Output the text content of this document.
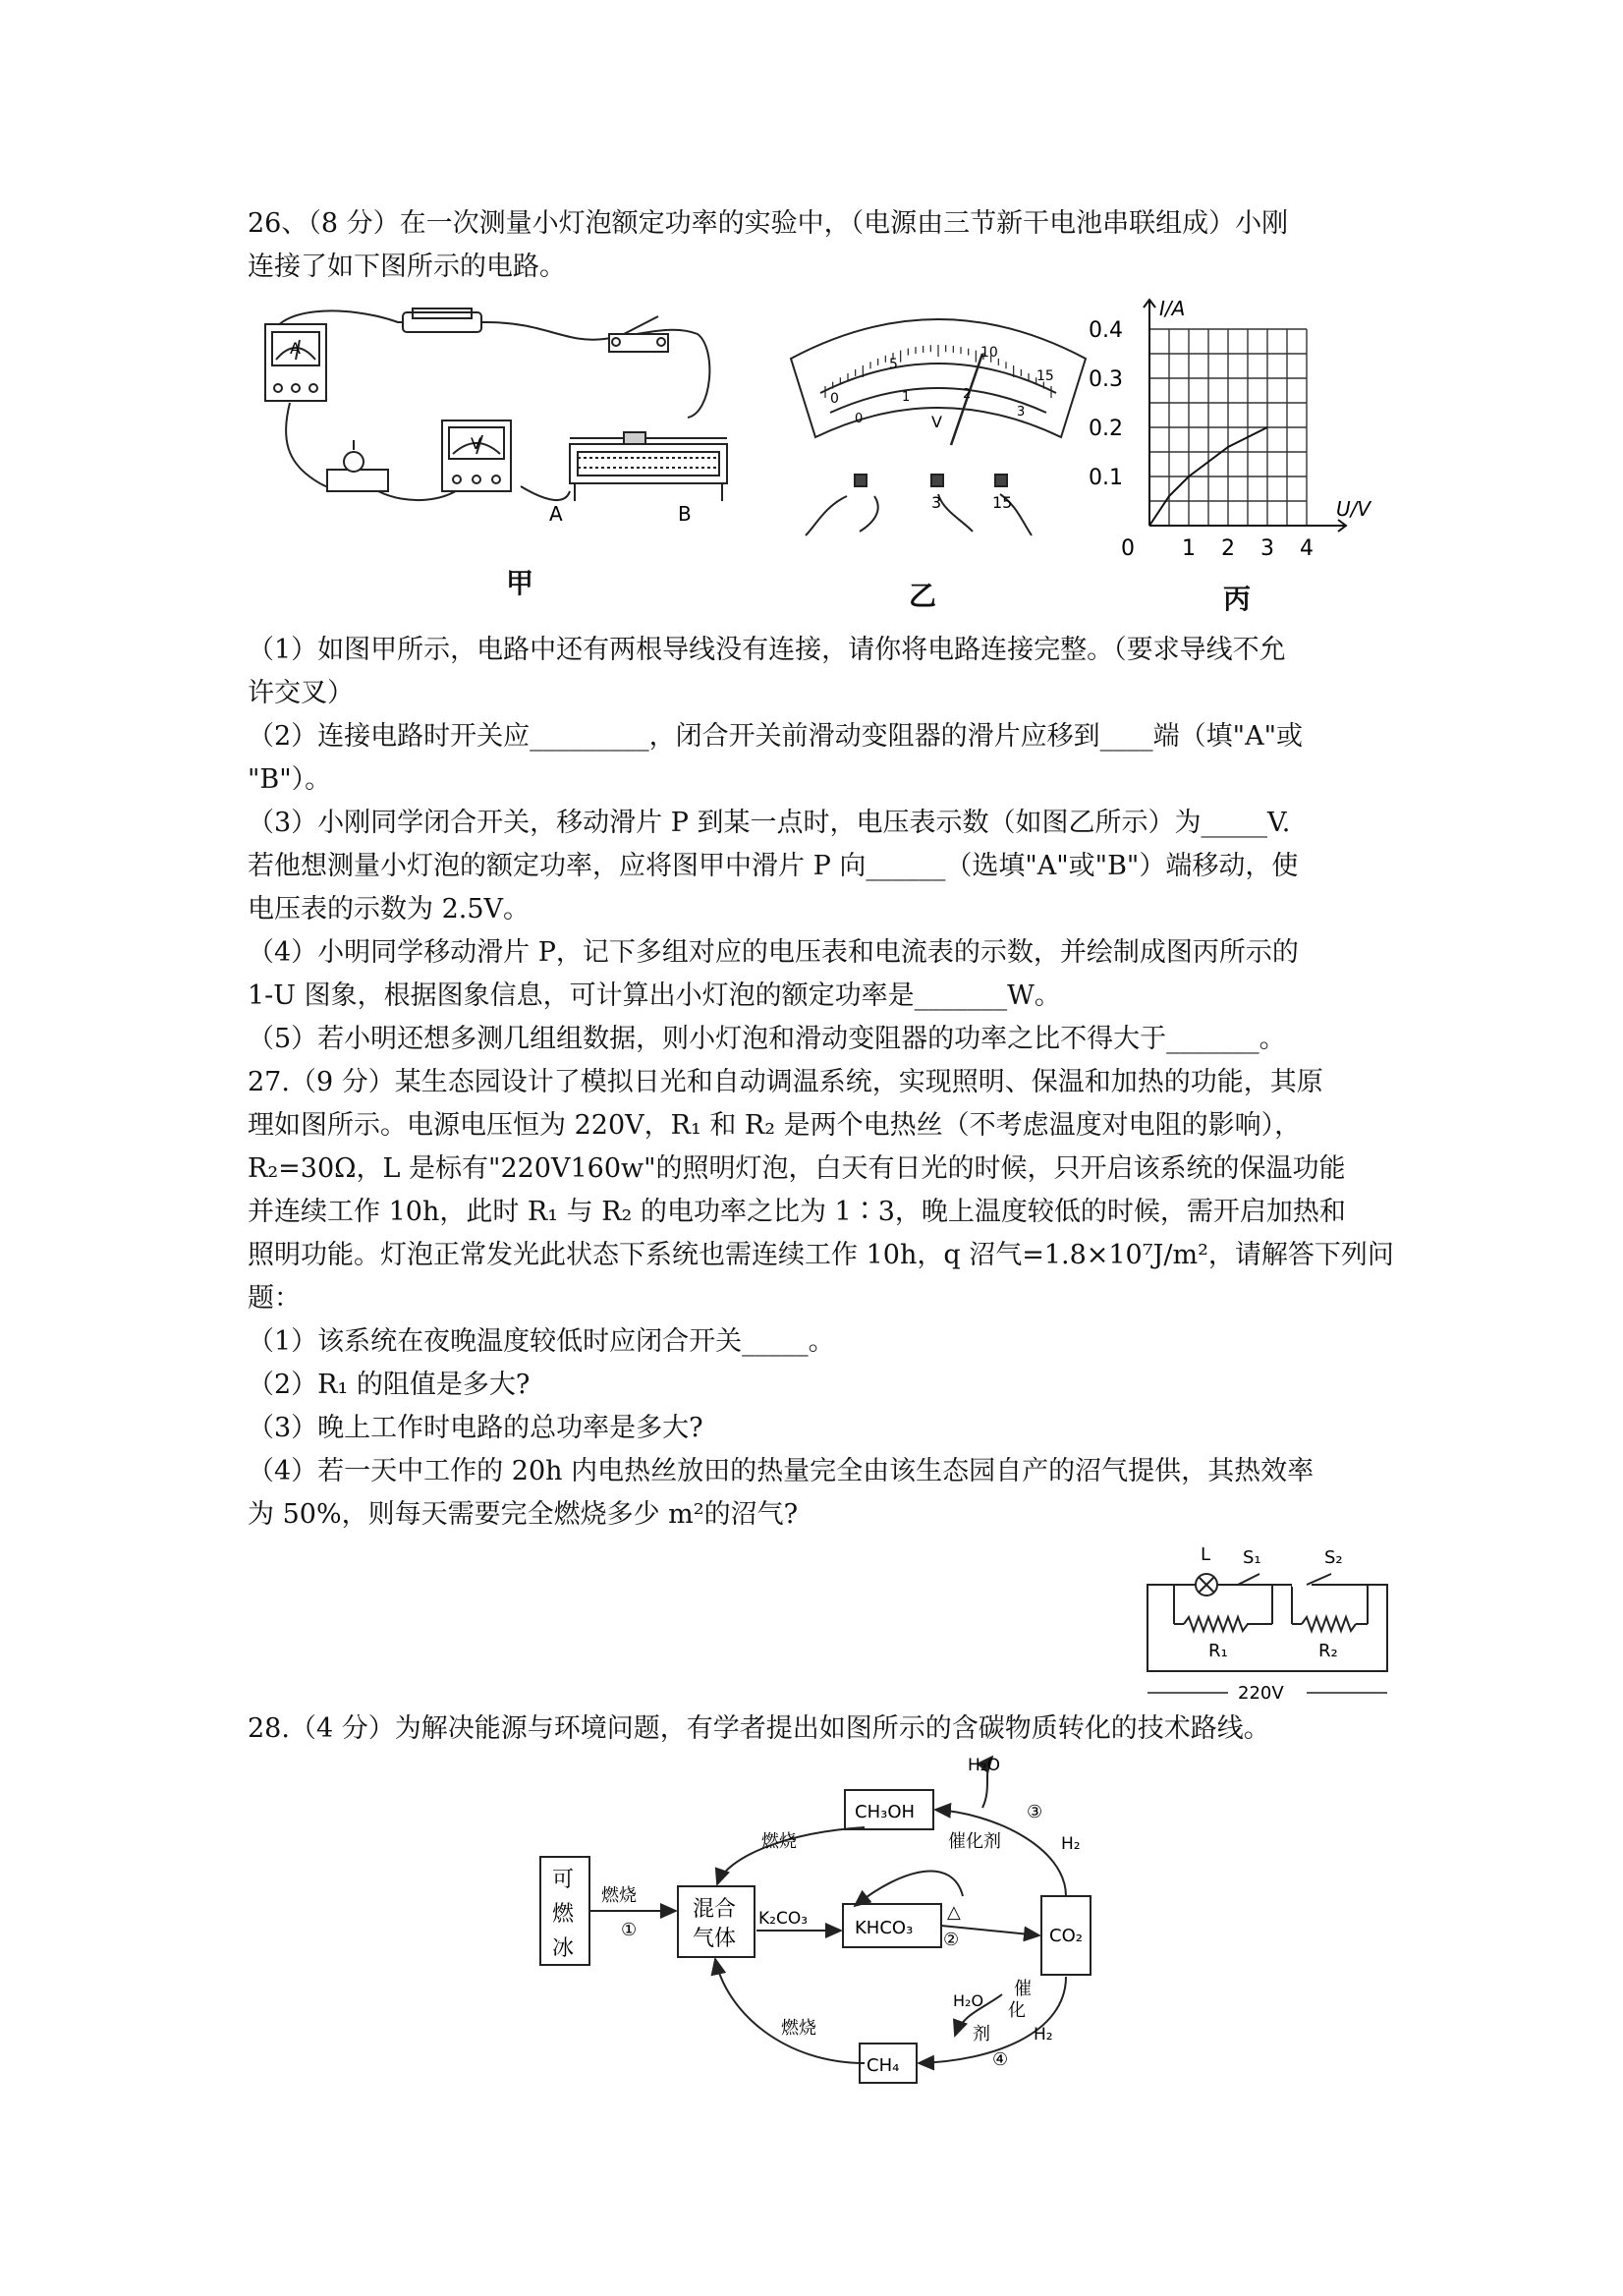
26、（8 分）在一次测量小灯泡额定功率的实验中，（电源由三节新干电池串联组成）小刚
连接了如下图所示的电路。
A	B
V
A
甲
5
10
15
0
0
1	2
3
V
3	15
乙
0 1 2 3 4
0.1
0.2
0.3
0.4
I/A
U/V
丙
（1）如图甲所示，电路中还有两根导线没有连接，请你将电路连接完整。（要求导线不允
许交叉）
（2）连接电路时开关应_________，闭合开关前滑动变阻器的滑片应移到____端（填"A"或
"B"）。
（3）小刚同学闭合开关，移动滑片 P 到某一点时，电压表示数（如图乙所示）为_____V.
若他想测量小灯泡的额定功率，应将图甲中滑片 P 向______（选填"A"或"B"）端移动，使
电压表的示数为 2.5V。
（4）小明同学移动滑片 P，记下多组对应的电压表和电流表的示数，并绘制成图丙所示的
1-U 图象，根据图象信息，可计算出小灯泡的额定功率是_______W。
（5）若小明还想多测几组组数据，则小灯泡和滑动变阻器的功率之比不得大于_______。
27.（9 分）某生态园设计了模拟日光和自动调温系统，实现照明、保温和加热的功能，其原
理如图所示。电源电压恒为 220V，R₁ 和 R₂ 是两个电热丝（不考虑温度对电阻的影响），
R₂=30Ω，L 是标有"220V160w"的照明灯泡，白天有日光的时候，只开启该系统的保温功能
并连续工作 10h，此时 R₁ 与 R₂ 的电功率之比为 1∶3，晚上温度较低的时候，需开启加热和
照明功能。灯泡正常发光此状态下系统也需连续工作 10h，q 沼气=1.8×10⁷J/m²，请解答下列问
题：
（1）该系统在夜晚温度较低时应闭合开关_____。
（2）R₁ 的阻值是多大?
（3）晚上工作时电路的总功率是多大?
（4）若一天中工作的 20h 内电热丝放田的热量完全由该生态园自产的沼气提供，其热效率
为 50%，则每天需要完全燃烧多少 m²的沼气?
L S₁	S₂
R₁	R₂
220V
28.（4 分）为解决能源与环境问题，有学者提出如图所示的含碳物质转化的技术路线。
可
燃
冰
混合
气体	KHCO₃	CO₂
CH₃OH
CH₄
燃烧
①
K₂CO₃	△
②
燃烧
燃烧
催化剂
③
H₂O
H₂
催
化
剂
H₂O
④
H₂
